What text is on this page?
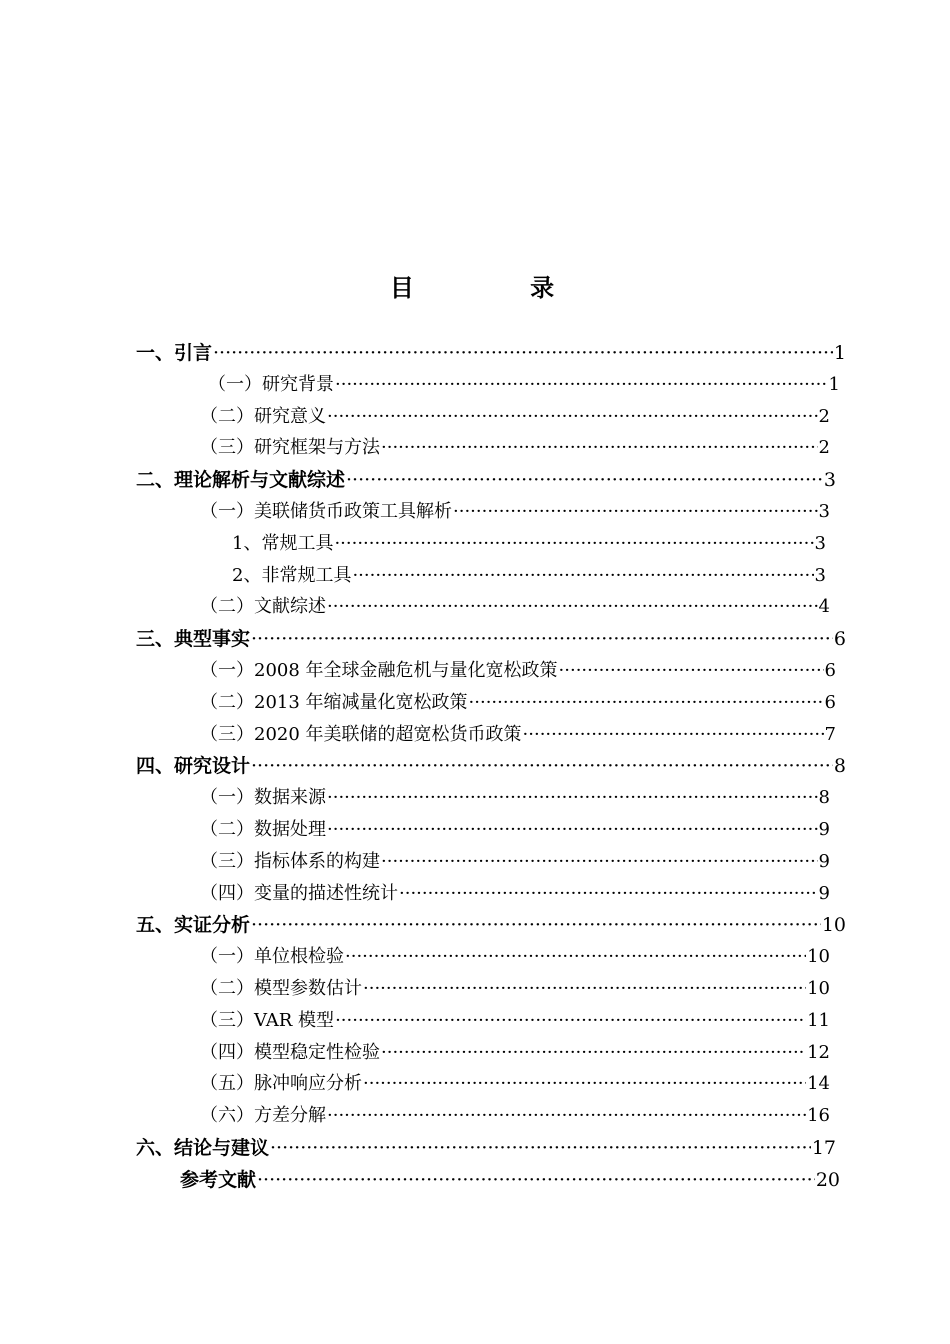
目 录
一、引言 ·····	1
（一）研究背景 ·····	1
（二）研究意义 ·····	2
（三）研究框架与方法 ·····	2
二、理论解析与文献综述 ·····	3
（一）美联储货币政策工具解析 ·····	3
1、常规工具 ·····	3
2、非常规工具 ·····	3
（二）文献综述 ·····	4
三、典型事实 ·····	6
（一）2008 年全球金融危机与量化宽松政策 ·····	6
（二）2013 年缩减量化宽松政策 ·····	6
（三）2020 年美联储的超宽松货币政策 ·····	7
四、研究设计 ·····	8
（一）数据来源 ·····	8
（二）数据处理 ·····	9
（三）指标体系的构建 ·····	9
（四）变量的描述性统计 ·····	9
五、实证分析 ·····	10
（一）单位根检验 ·····	10
（二）模型参数估计 ·····	10
（三）VAR 模型 ·····	11
（四）模型稳定性检验 ·····	12
（五）脉冲响应分析 ·····	14
（六）方差分解 ·····	16
六、结论与建议 ·····	17
参考文献 ·····	20
